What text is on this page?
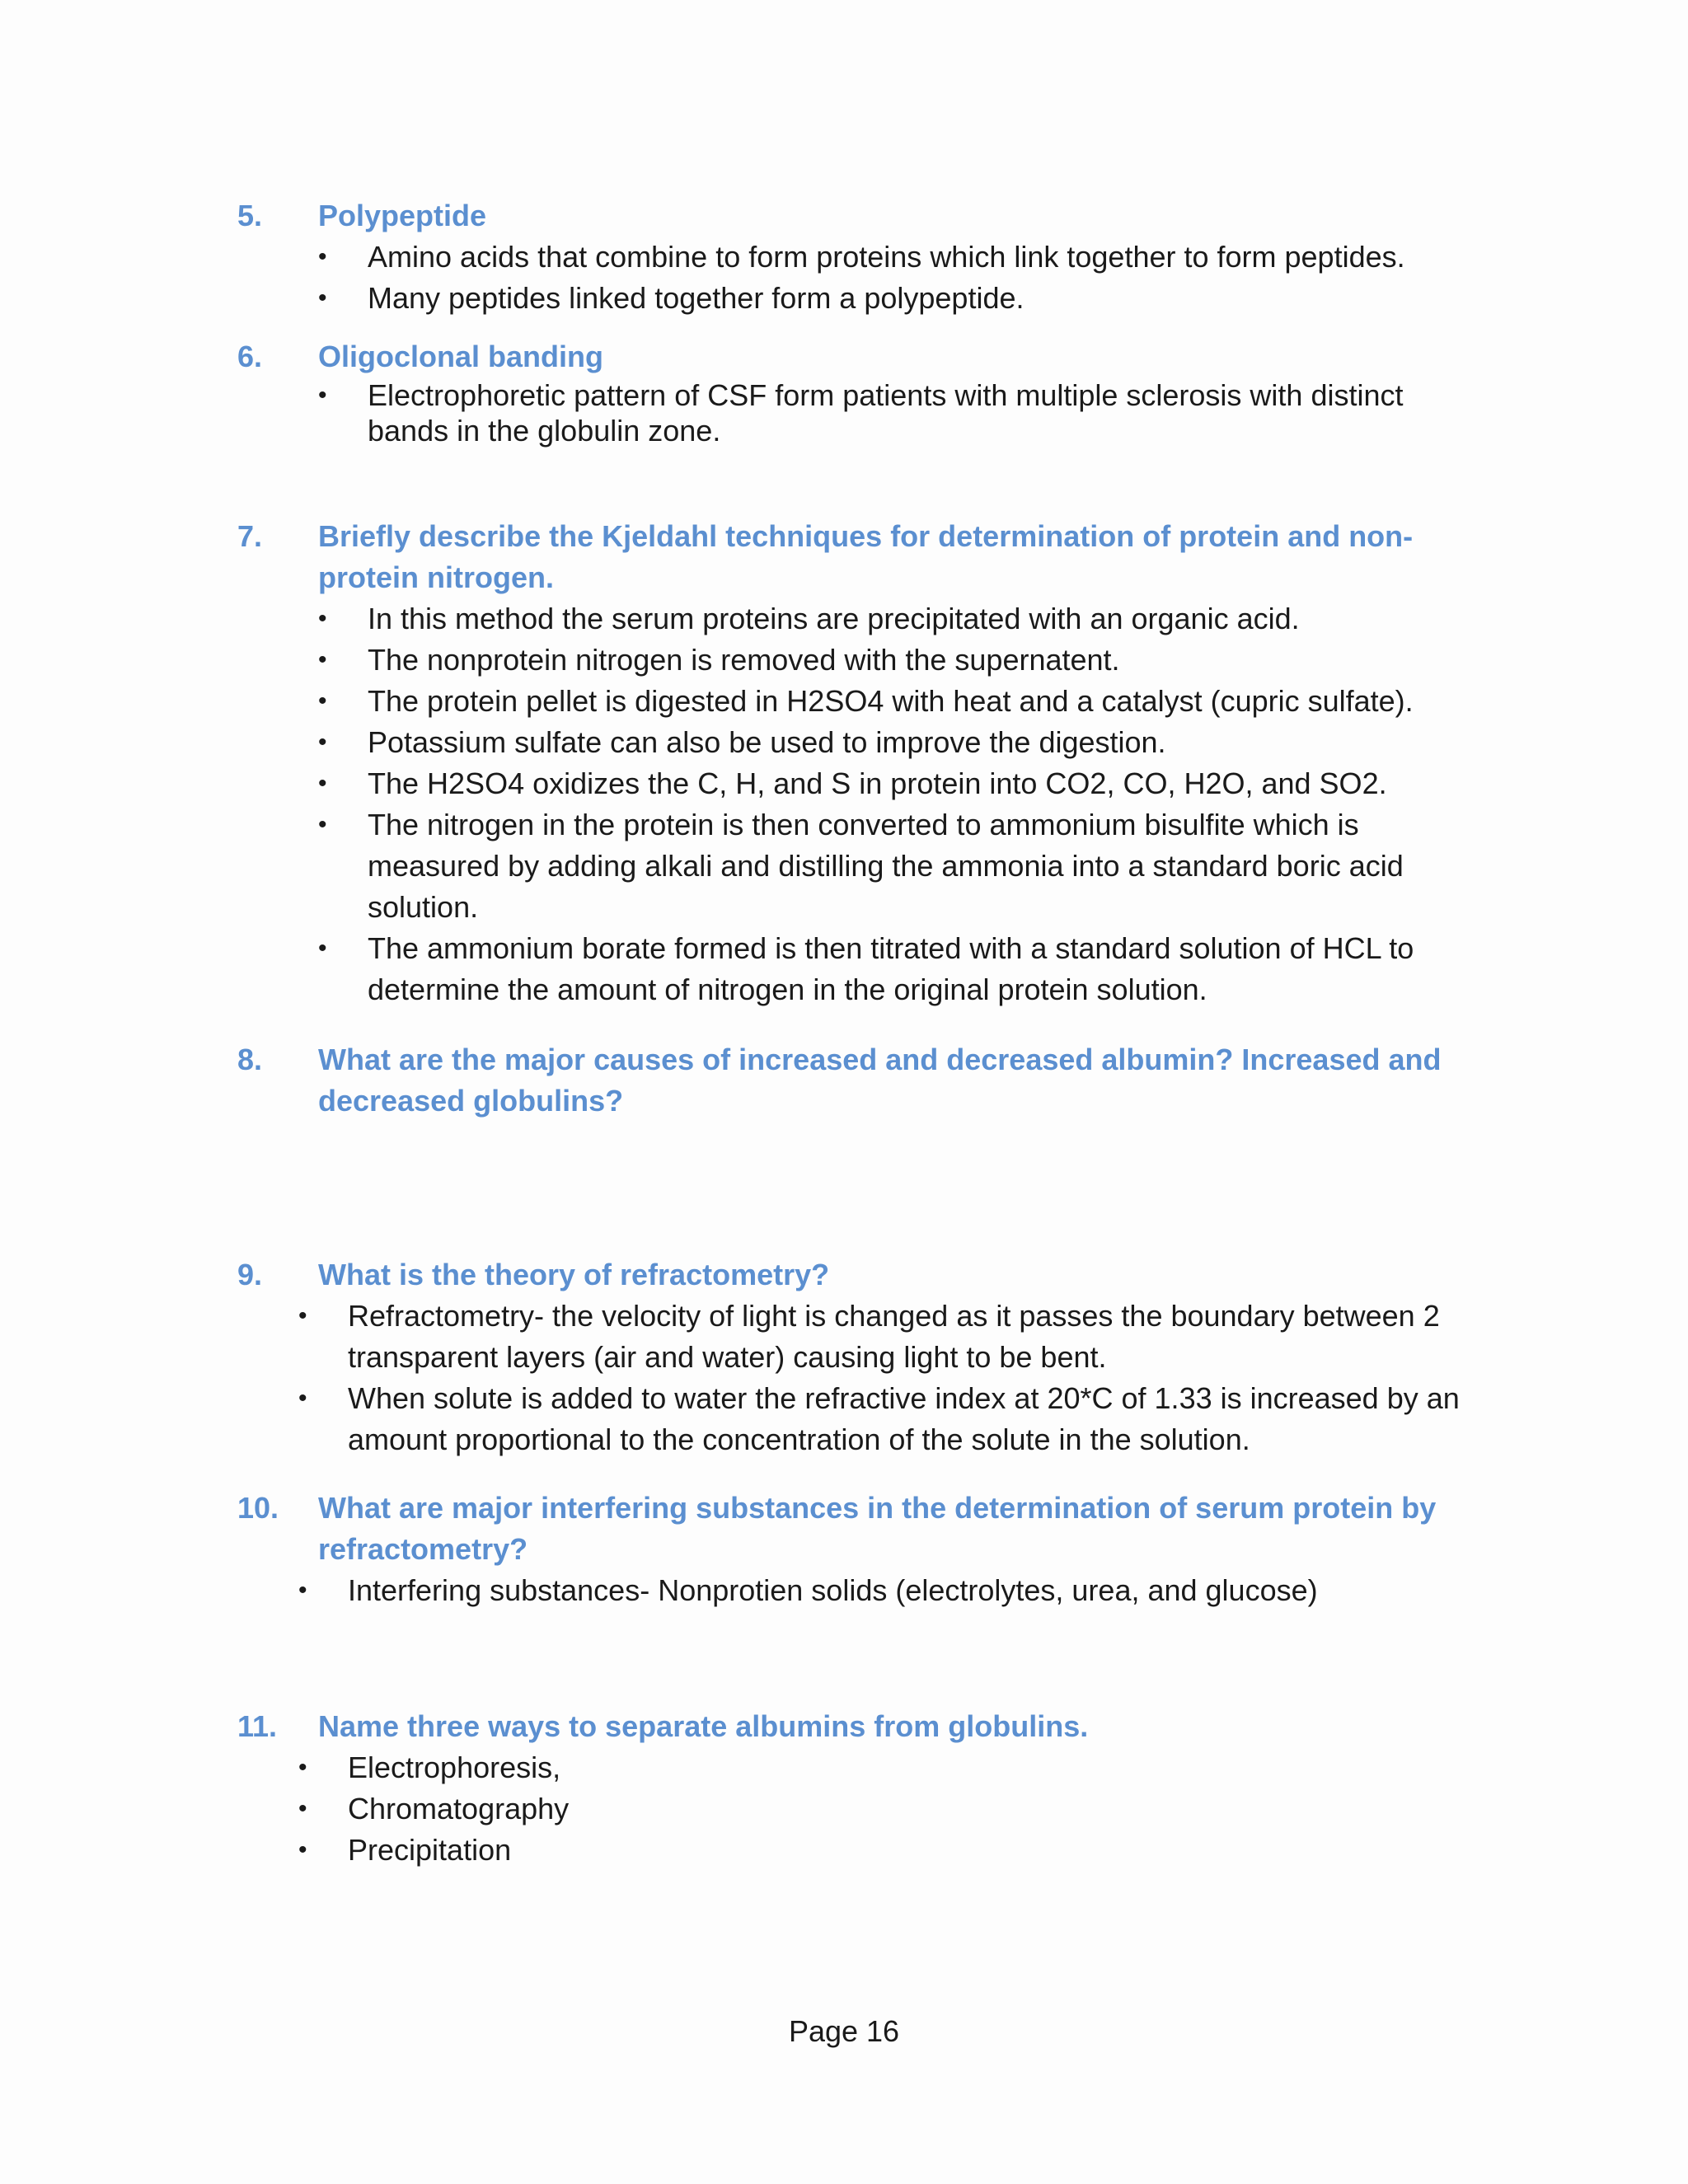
5.	Polypeptide
• Amino acids that combine to form proteins which link together to form peptides.
• Many peptides linked together form a polypeptide.
6.	Oligoclonal banding
• Electrophoretic pattern of CSF form patients with multiple sclerosis with distinct bands in the globulin zone.
7.	Briefly describe the Kjeldahl techniques for determination of protein and non-protein nitrogen.
• In this method the serum proteins are precipitated with an organic acid.
• The nonprotein nitrogen is removed with the supernatent.
• The protein pellet is digested in H2SO4 with heat and a catalyst (cupric sulfate).
• Potassium sulfate can also be used to improve the digestion.
• The H2SO4 oxidizes the C, H, and S in protein into CO2, CO, H2O, and SO2.
• The nitrogen in the protein is then converted to ammonium bisulfite which is measured by adding alkali and distilling the ammonia into a standard boric acid solution.
• The ammonium borate formed is then titrated with a standard solution of HCL to determine the amount of nitrogen in the original protein solution.
8.	What are the major causes of increased and decreased albumin? Increased and decreased globulins?
9.	What is the theory of refractometry?
• Refractometry- the velocity of light is changed as it passes the boundary between 2 transparent layers (air and water) causing light to be bent.
• When solute is added to water the refractive index at 20*C of 1.33 is increased by an amount proportional to the concentration of the solute in the solution.
10.	What are major interfering substances in the determination of serum protein by refractometry?
• Interfering substances- Nonprotien solids (electrolytes, urea, and glucose)
11.	Name three ways to separate albumins from globulins.
• Electrophoresis,
• Chromatography
• Precipitation
Page 16
